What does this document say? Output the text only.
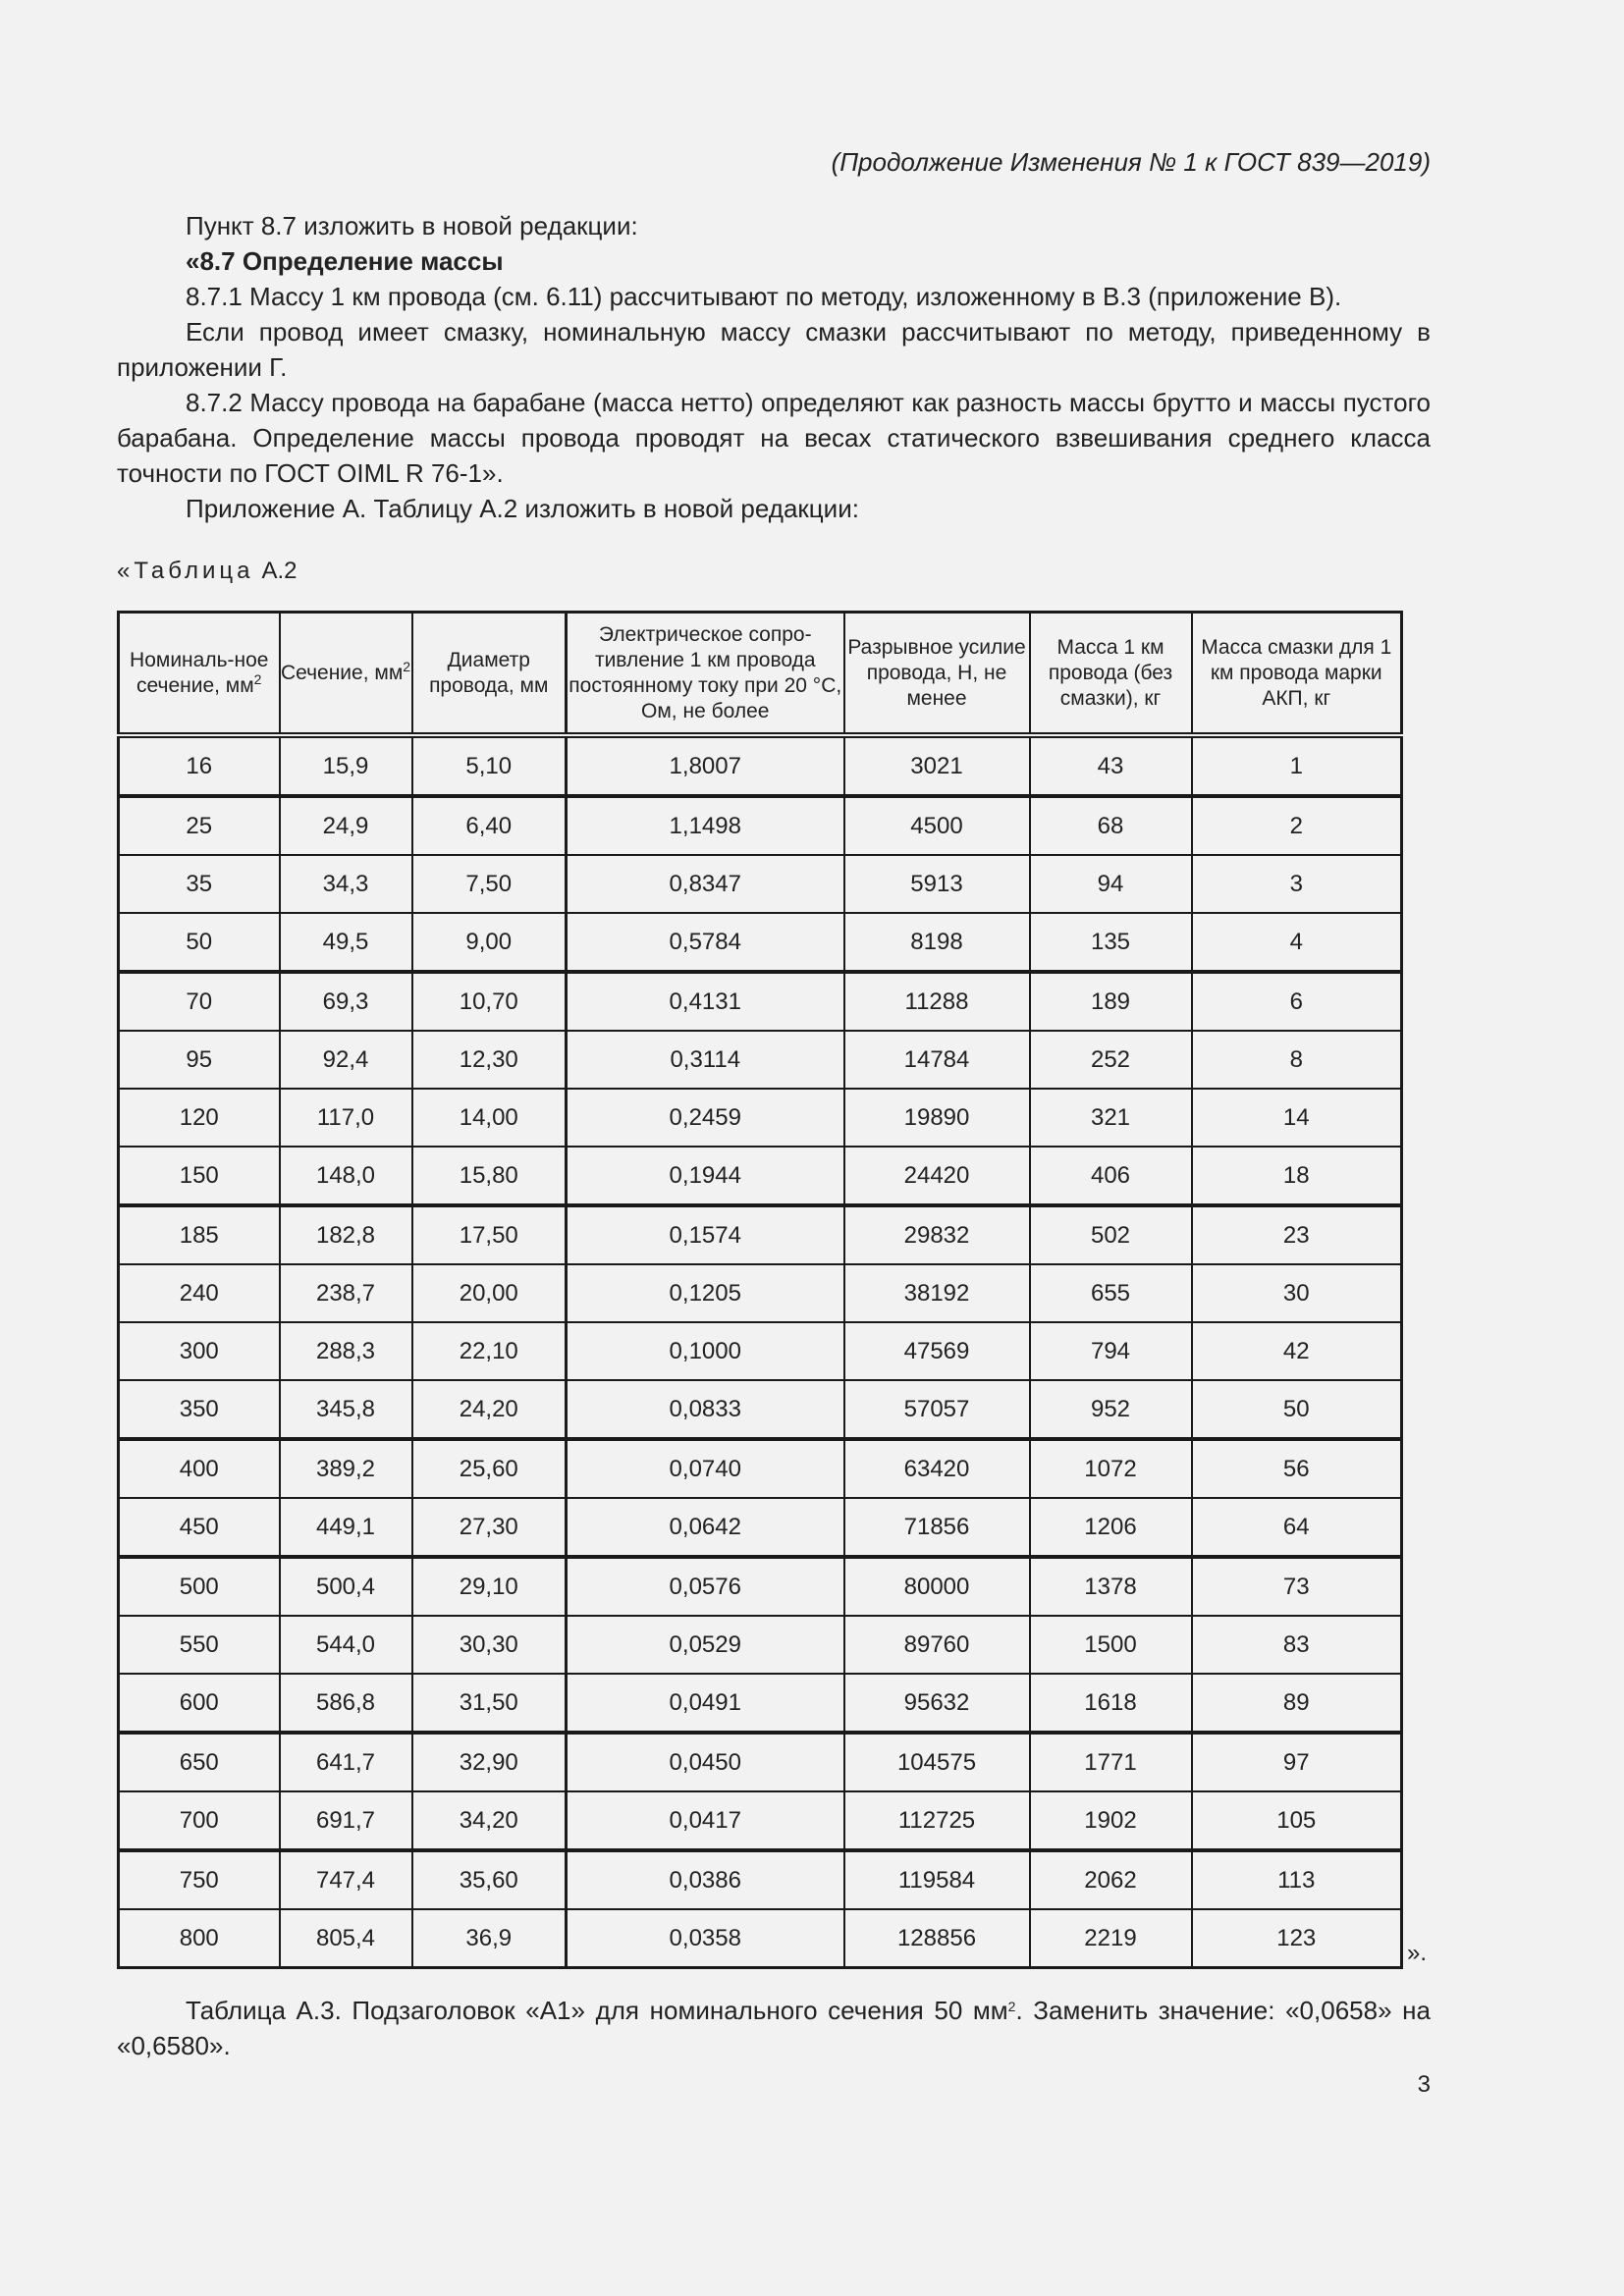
(Продолжение Изменения № 1 к ГОСТ 839—2019)

Пункт 8.7 изложить в новой редакции:

«8.7 Определение массы

8.7.1 Массу 1 км провода (см. 6.11) рассчитывают по методу, изложенному в В.3 (приложение В).

Если провод имеет смазку, номинальную массу смазки рассчитывают по методу, приведенному в приложении Г.

8.7.2 Массу провода на барабане (масса нетто) определяют как разность массы брутто и массы пустого барабана. Определение массы провода проводят на весах статического взвешивания среднего класса точности по ГОСТ OIML R 76-1».

Приложение А. Таблицу А.2 изложить в новой редакции:

«Таблица А.2
Номиналь-ное сечение, $мм^2$	Сечение, $мм^2$	Диаметр провода, мм	Электрическое сопро-тивление 1 км провода постоянному току при 20 °С, Ом, не более	Разрывное усилие провода, Н, не менее	Масса 1 км провода (без смазки), кг	Масса смазки для 1 км провода марки АКП, кг
16	15,9	5,10	1,8007	3021	43	1
25	24,9	6,40	1,1498	4500	68	2
35	34,3	7,50	0,8347	5913	94	3
50	49,5	9,00	0,5784	8198	135	4
70	69,3	10,70	0,4131	11288	189	6
95	92,4	12,30	0,3114	14784	252	8
120	117,0	14,00	0,2459	19890	321	14
150	148,0	15,80	0,1944	24420	406	18
185	182,8	17,50	0,1574	29832	502	23
240	238,7	20,00	0,1205	38192	655	30
300	288,3	22,10	0,1000	47569	794	42
350	345,8	24,20	0,0833	57057	952	50
400	389,2	25,60	0,0740	63420	1072	56
450	449,1	27,30	0,0642	71856	1206	64
500	500,4	29,10	0,0576	80000	1378	73
550	544,0	30,30	0,0529	89760	1500	83
600	586,8	31,50	0,0491	95632	1618	89
650	641,7	32,90	0,0450	104575	1771	97
700	691,7	34,20	0,0417	112725	1902	105
750	747,4	35,60	0,0386	119584	2062	113
800	805,4	36,9	0,0358	128856	2219	123
».

Таблица А.3. Подзаголовок «А1» для номинального сечения 50 $мм^2$. Заменить значение: «0,0658» на «0,6580».

3
